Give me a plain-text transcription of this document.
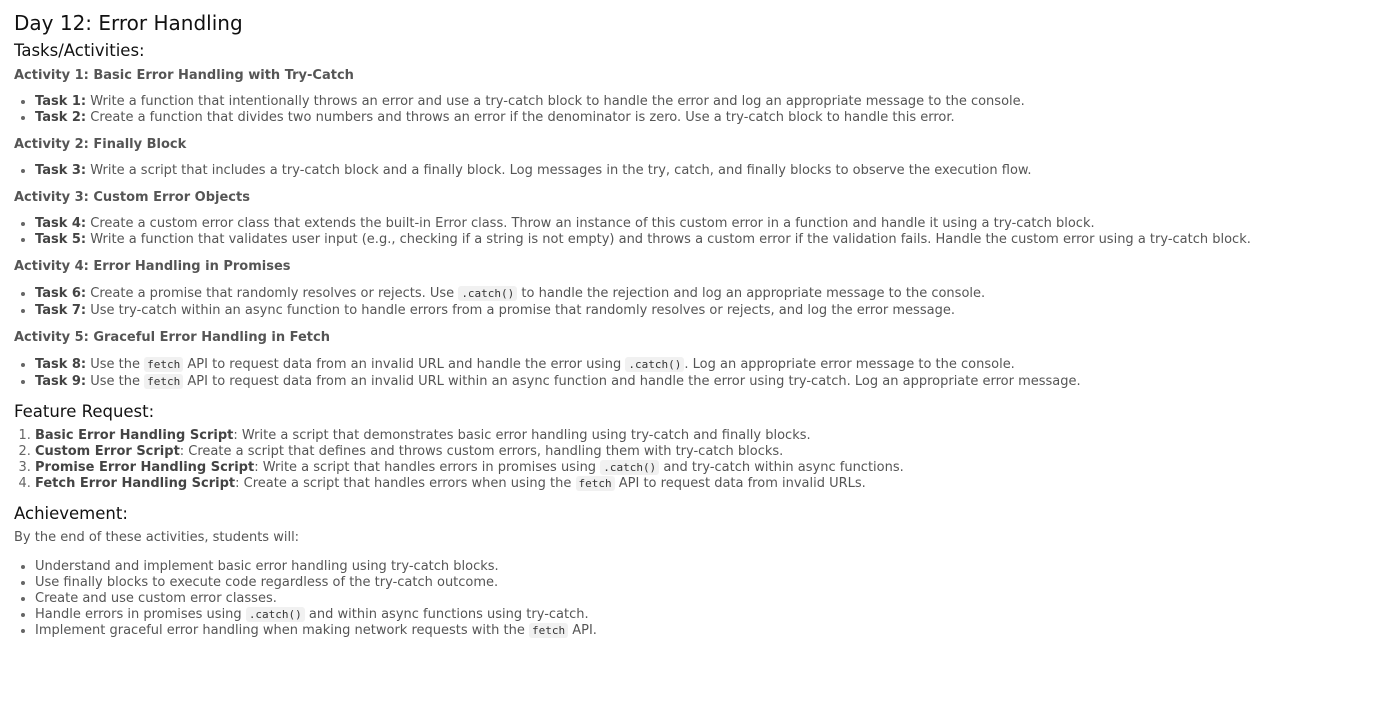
Day 12: Error Handling
Tasks/Activities:
Activity 1: Basic Error Handling with Try-Catch
• Task 1: Write a function that intentionally throws an error and use a try-catch block to handle the error and log an appropriate message to the console.
• Task 2: Create a function that divides two numbers and throws an error if the denominator is zero. Use a try-catch block to handle this error.
Activity 2: Finally Block
• Task 3: Write a script that includes a try-catch block and a finally block. Log messages in the try, catch, and finally blocks to observe the execution flow.
Activity 3: Custom Error Objects
• Task 4: Create a custom error class that extends the built-in Error class. Throw an instance of this custom error in a function and handle it using a try-catch block.
• Task 5: Write a function that validates user input (e.g., checking if a string is not empty) and throws a custom error if the validation fails. Handle the custom error using a try-catch block.
Activity 4: Error Handling in Promises
• Task 6: Create a promise that randomly resolves or rejects. Use .catch() to handle the rejection and log an appropriate message to the console.
• Task 7: Use try-catch within an async function to handle errors from a promise that randomly resolves or rejects, and log the error message.
Activity 5: Graceful Error Handling in Fetch
• Task 8: Use the fetch API to request data from an invalid URL and handle the error using .catch() . Log an appropriate error message to the console.
• Task 9: Use the fetch API to request data from an invalid URL within an async function and handle the error using try-catch. Log an appropriate error message.
Feature Request:
1. Basic Error Handling Script: Write a script that demonstrates basic error handling using try-catch and finally blocks.
2. Custom Error Script: Create a script that defines and throws custom errors, handling them with try-catch blocks.
3. Promise Error Handling Script: Write a script that handles errors in promises using .catch() and try-catch within async functions.
4. Fetch Error Handling Script: Create a script that handles errors when using the fetch API to request data from invalid URLs.
Achievement:

By the end of these activities, students will:

• Understand and implement basic error handling using try-catch blocks.
• Use finally blocks to execute code regardless of the try-catch outcome.
• Create and use custom error classes.
• Handle errors in promises using .catch() and within async functions using try-catch.
• Implement graceful error handling when making network requests with the fetch API.
